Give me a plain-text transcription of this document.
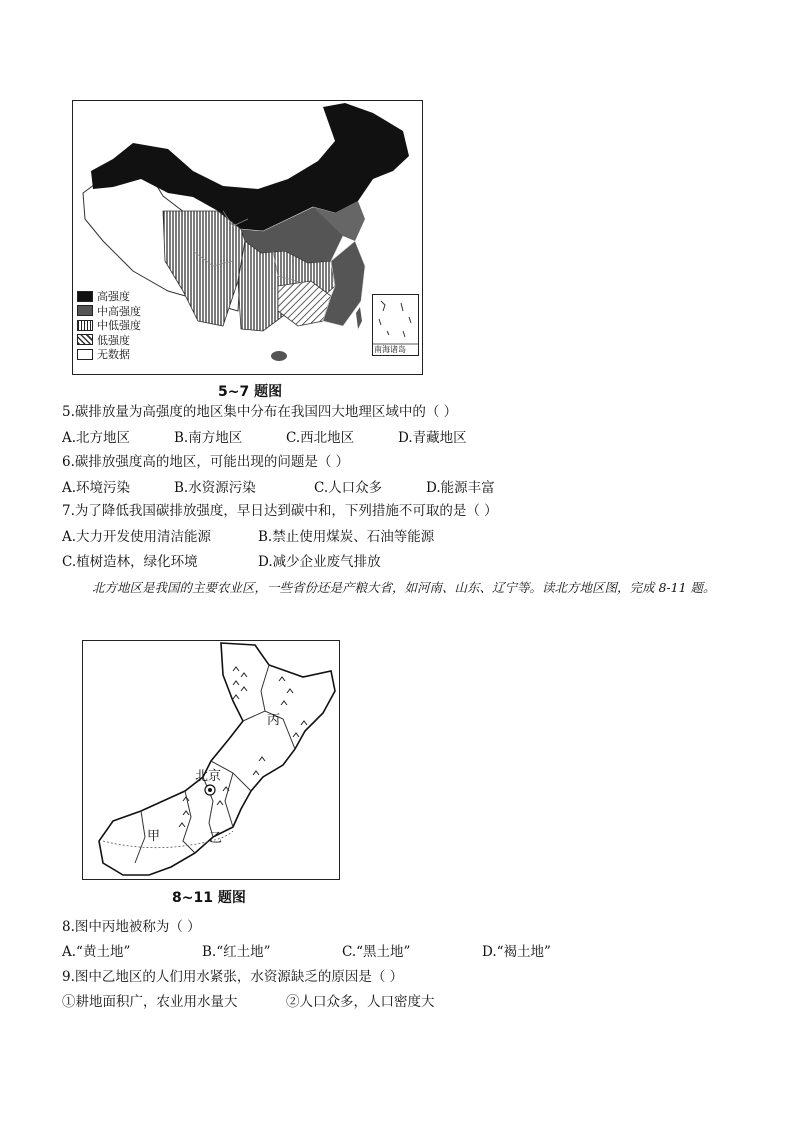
高强度
中高强度
中低强度
低强度
无数据	南海诸岛
5~7 题图
5.碳排放量为高强度的地区集中分布在我国四大地理区域中的（ ）
A.北方地区	B.南方地区	C.西北地区	D.青藏地区
6.碳排放强度高的地区，可能出现的问题是（ ）
A.环境污染	B.水资源污染	C.人口众多	D.能源丰富
7.为了降低我国碳排放强度，早日达到碳中和，下列措施不可取的是（ ）
A.大力开发使用清洁能源	B.禁止使用煤炭、石油等能源
C.植树造林，绿化环境	D.减少企业废气排放
北方地区是我国的主要农业区，一些省份还是产粮大省，如河南、山东、辽宁等。读北方地区图，完成 8-11 题。
丙
北京
甲	乙
8~11 题图
8.图中丙地被称为（ ）
A.“黄土地”	B.“红土地”	C.“黑土地”	D.“褐土地”
9.图中乙地区的人们用水紧张，水资源缺乏的原因是（ ）
①耕地面积广，农业用水量大	②人口众多，人口密度大
